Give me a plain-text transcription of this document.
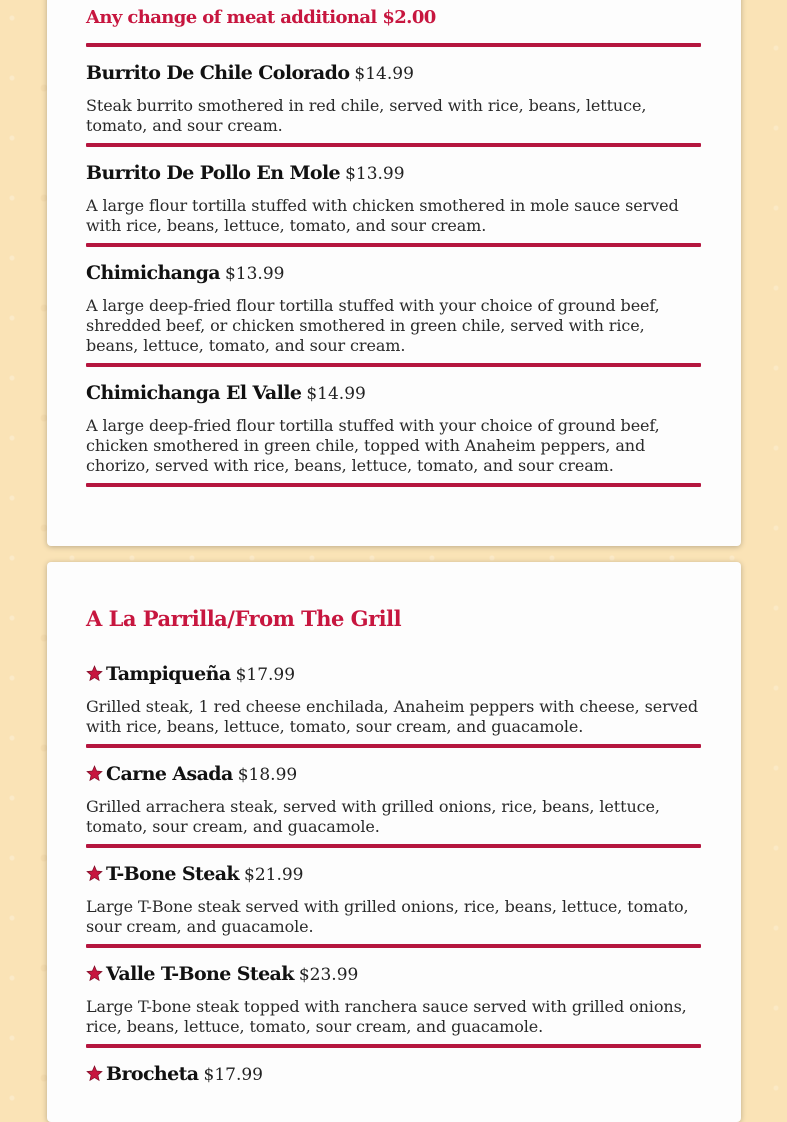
Any change of meat additional $2.00
Burrito De Chile Colorado $14.99
Steak burrito smothered in red chile, served with rice, beans, lettuce, tomato, and sour cream.
Burrito De Pollo En Mole $13.99
A large flour tortilla stuffed with chicken smothered in mole sauce served with rice, beans, lettuce, tomato, and sour cream.
Chimichanga $13.99
A large deep-fried flour tortilla stuffed with your choice of ground beef, shredded beef, or chicken smothered in green chile, served with rice, beans, lettuce, tomato, and sour cream.
Chimichanga El Valle $14.99
A large deep-fried flour tortilla stuffed with your choice of ground beef, chicken smothered in green chile, topped with Anaheim peppers, and chorizo, served with rice, beans, lettuce, tomato, and sour cream.
A La Parrilla/From The Grill
Tampiqueña $17.99
Grilled steak, 1 red cheese enchilada, Anaheim peppers with cheese, served with rice, beans, lettuce, tomato, sour cream, and guacamole.
Carne Asada $18.99
Grilled arrachera steak, served with grilled onions, rice, beans, lettuce, tomato, sour cream, and guacamole.
T-Bone Steak $21.99
Large T-Bone steak served with grilled onions, rice, beans, lettuce, tomato, sour cream, and guacamole.
Valle T-Bone Steak $23.99
Large T-bone steak topped with ranchera sauce served with grilled onions, rice, beans, lettuce, tomato, sour cream, and guacamole.
Brocheta $17.99
